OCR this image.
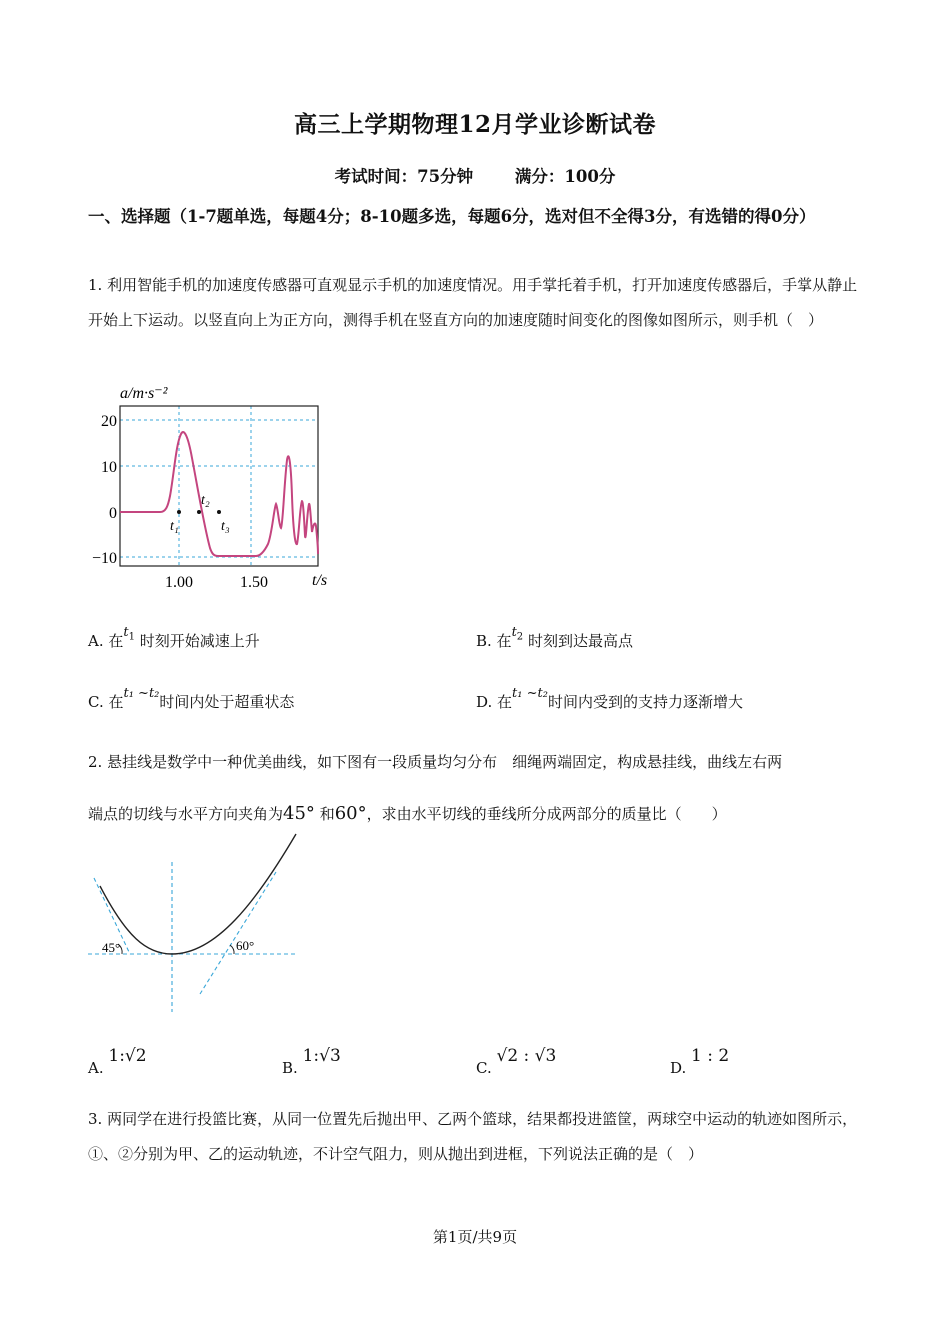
高三上学期物理12月学业诊断试卷
考试时间：75分钟	满分：100分
一、选择题（1-7题单选，每题4分；8-10题多选，每题6分，选对但不全得3分，有选错的得0分）
1. 利用智能手机的加速度传感器可直观显示手机的加速度情况。用手掌托着手机，打开加速度传感器后，手掌从静止开始上下运动。以竖直向上为正方向，测得手机在竖直方向的加速度随时间变化的图像如图所示，则手机（　）
a/m·s⁻²
20
10
0
−10
1.00	1.50	t/s
t₁
t₂
t₃
A. 在$t_1$ 时刻开始减速上升	B. 在$t_2$ 时刻到达最高点
C. 在t₁ ~t₂时间内处于超重状态	D. 在t₁ ~t₂时间内受到的支持力逐渐增大
2. 悬挂线是数学中一种优美曲线，如下图有一段质量均匀分布　细绳两端固定，构成悬挂线，曲线左右两
端点的切线与水平方向夹角为45° 和60°，求由水平切线的垂线所分成两部分的质量比（　　）
45°	60°
A. 1:√2
B. 1:√3
C. √2 : √3
D. 1 : 2
3. 两同学在进行投篮比赛，从同一位置先后抛出甲、乙两个篮球，结果都投进篮筐，两球空中运动的轨迹如图所示，①、②分别为甲、乙的运动轨迹，不计空气阻力，则从抛出到进框，下列说法正确的是（　）
第1页/共9页
